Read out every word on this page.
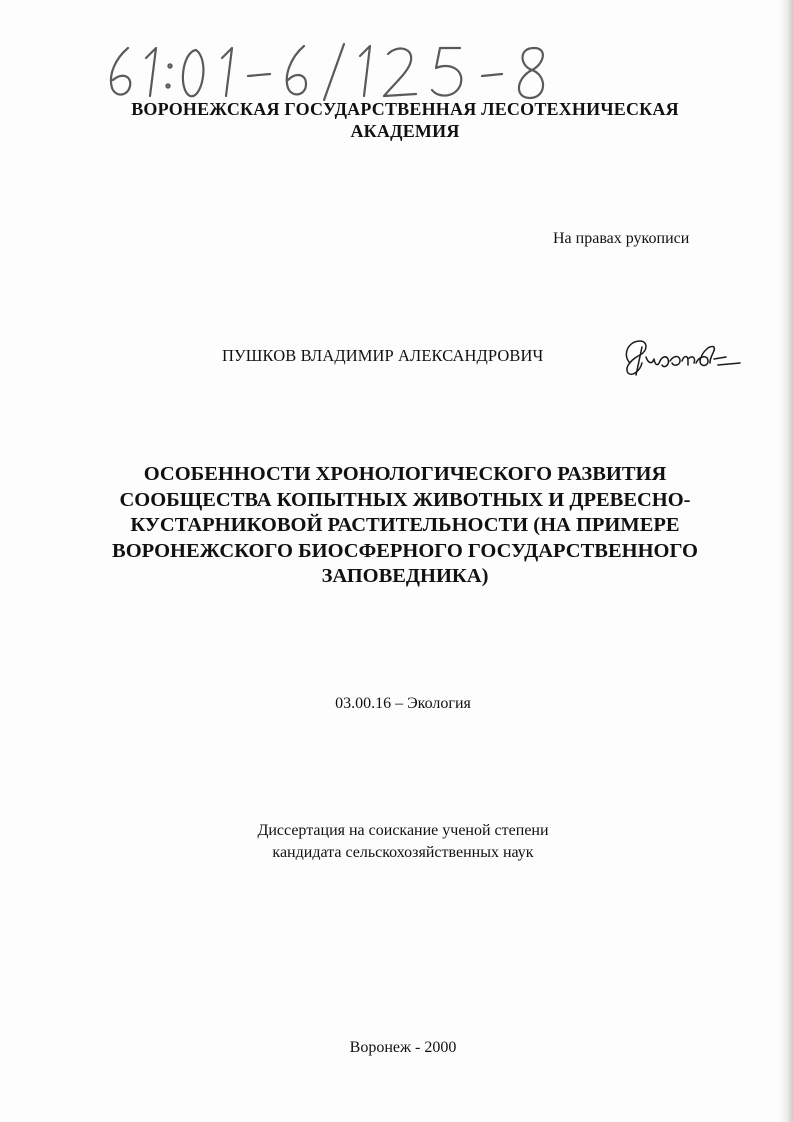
ВОРОНЕЖСКАЯ ГОСУДАРСТВЕННАЯ ЛЕСОТЕХНИЧЕСКАЯ
АКАДЕМИЯ
На правах рукописи
ПУШКОВ ВЛАДИМИР АЛЕКСАНДРОВИЧ
ОСОБЕННОСТИ ХРОНОЛОГИЧЕСКОГО РАЗВИТИЯ
СООБЩЕСТВА КОПЫТНЫХ ЖИВОТНЫХ И ДРЕВЕСНО-
КУСТАРНИКОВОЙ РАСТИТЕЛЬНОСТИ (НА ПРИМЕРЕ
ВОРОНЕЖСКОГО БИОСФЕРНОГО ГОСУДАРСТВЕННОГО
ЗАПОВЕДНИКА)
03.00.16 – Экология
Диссертация на соискание ученой степени
кандидата сельскохозяйственных наук
Воронеж - 2000
